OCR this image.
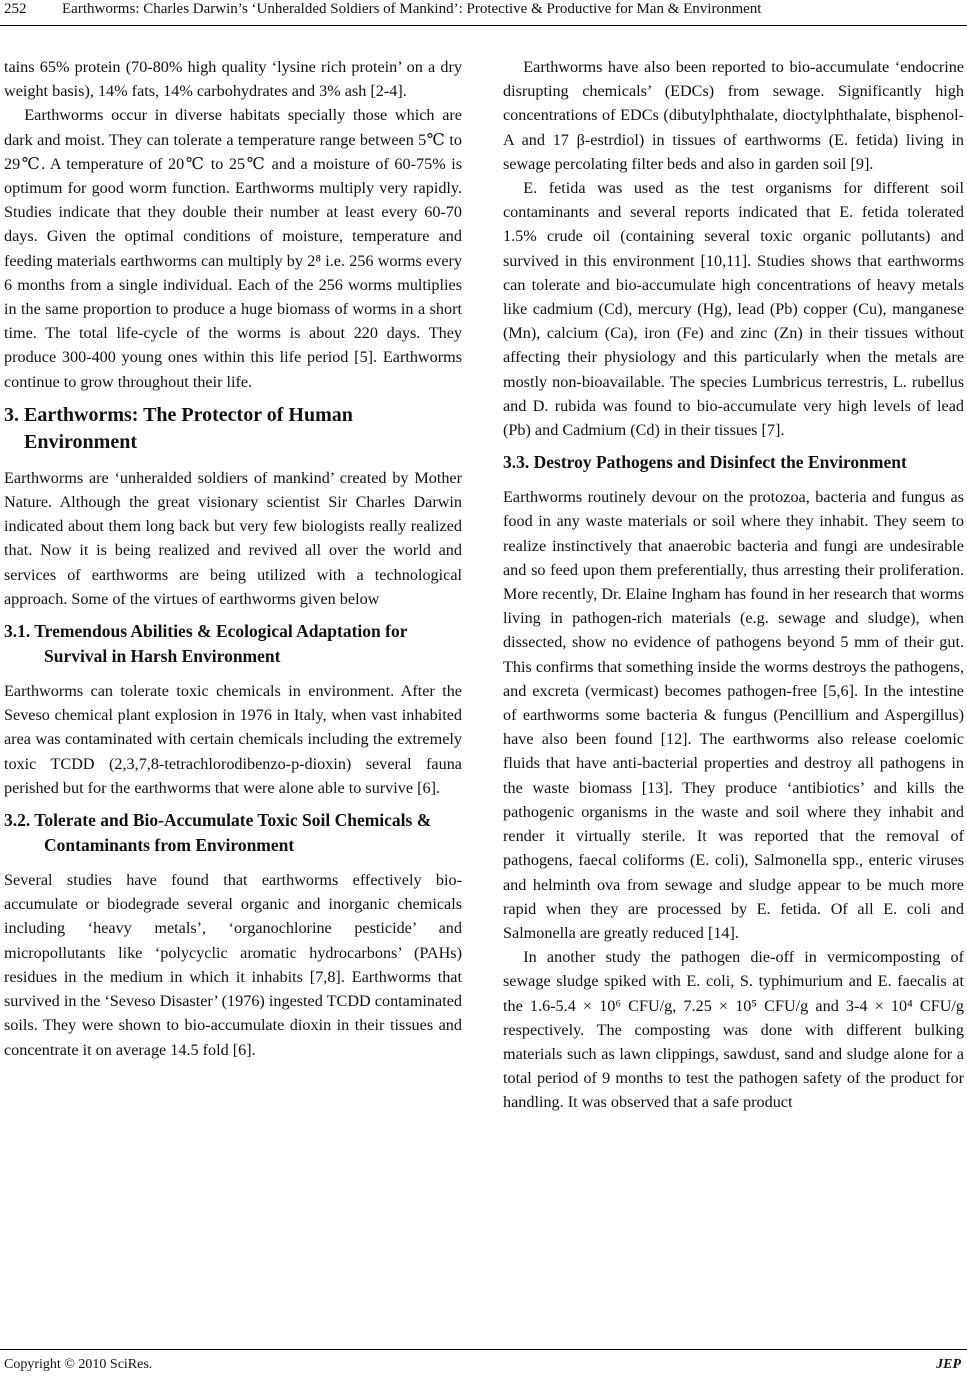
252 Earthworms: Charles Darwin’s ‘Unheralded Soldiers of Mankind’: Protective & Productive for Man & Environment

tains 65% protein (70-80% high quality ‘lysine rich protein’ on a dry weight basis), 14% fats, 14% carbohydrates and 3% ash [2-4].

Earthworms occur in diverse habitats specially those which are dark and moist. They can tolerate a temperature range between 5℃ to 29℃. A temperature of 20℃ to 25℃ and a moisture of 60-75% is optimum for good worm function. Earthworms multiply very rapidly. Studies indicate that they double their number at least every 60-70 days. Given the optimal conditions of moisture, temperature and feeding materials earthworms can multiply by 2⁸ i.e. 256 worms every 6 months from a single individual. Each of the 256 worms multiplies in the same proportion to produce a huge biomass of worms in a short time. The total life-cycle of the worms is about 220 days. They produce 300-400 young ones within this life period [5]. Earthworms continue to grow throughout their life.

3. Earthworms: The Protector of Human Environment

Earthworms are ‘unheralded soldiers of mankind’ created by Mother Nature. Although the great visionary scientist Sir Charles Darwin indicated about them long back but very few biologists really realized that. Now it is being realized and revived all over the world and services of earthworms are being utilized with a technological approach. Some of the virtues of earthworms given below

3.1. Tremendous Abilities & Ecological Adaptation for Survival in Harsh Environment

Earthworms can tolerate toxic chemicals in environment. After the Seveso chemical plant explosion in 1976 in Italy, when vast inhabited area was contaminated with certain chemicals including the extremely toxic TCDD (2,3,7,8-tetrachlorodibenzo-p-dioxin) several fauna perished but for the earthworms that were alone able to survive [6].

3.2. Tolerate and Bio-Accumulate Toxic Soil Chemicals & Contaminants from Environment

Several studies have found that earthworms effectively bio-accumulate or biodegrade several organic and inorganic chemicals including ‘heavy metals’, ‘organochlorine pesticide’ and micropollutants like ‘polycyclic aromatic hydrocarbons’ (PAHs) residues in the medium in which it inhabits [7,8]. Earthworms that survived in the ‘Seveso Disaster’ (1976) ingested TCDD contaminated soils. They were shown to bio-accumulate dioxin in their tissues and concentrate it on average 14.5 fold [6].

Earthworms have also been reported to bio-accumulate ‘endocrine disrupting chemicals’ (EDCs) from sewage. Significantly high concentrations of EDCs (dibutylphthalate, dioctylphthalate, bisphenol-A and 17 β-estrdiol) in tissues of earthworms (E. fetida) living in sewage percolating filter beds and also in garden soil [9].

E. fetida was used as the test organisms for different soil contaminants and several reports indicated that E. fetida tolerated 1.5% crude oil (containing several toxic organic pollutants) and survived in this environment [10,11]. Studies shows that earthworms can tolerate and bio-accumulate high concentrations of heavy metals like cadmium (Cd), mercury (Hg), lead (Pb) copper (Cu), manganese (Mn), calcium (Ca), iron (Fe) and zinc (Zn) in their tissues without affecting their physiology and this particularly when the metals are mostly non-bioavailable. The species Lumbricus terrestris, L. rubellus and D. rubida was found to bio-accumulate very high levels of lead (Pb) and Cadmium (Cd) in their tissues [7].

3.3. Destroy Pathogens and Disinfect the Environment

Earthworms routinely devour on the protozoa, bacteria and fungus as food in any waste materials or soil where they inhabit. They seem to realize instinctively that anaerobic bacteria and fungi are undesirable and so feed upon them preferentially, thus arresting their proliferation. More recently, Dr. Elaine Ingham has found in her research that worms living in pathogen-rich materials (e.g. sewage and sludge), when dissected, show no evidence of pathogens beyond 5 mm of their gut. This confirms that something inside the worms destroys the pathogens, and excreta (vermicast) becomes pathogen-free [5,6]. In the intestine of earthworms some bacteria & fungus (Pencillium and Aspergillus) have also been found [12]. The earthworms also release coelomic fluids that have anti-bacterial properties and destroy all pathogens in the waste biomass [13]. They produce ‘antibiotics’ and kills the pathogenic organisms in the waste and soil where they inhabit and render it virtually sterile. It was reported that the removal of pathogens, faecal coliforms (E. coli), Salmonella spp., enteric viruses and helminth ova from sewage and sludge appear to be much more rapid when they are processed by E. fetida. Of all E. coli and Salmonella are greatly reduced [14].

In another study the pathogen die-off in vermicomposting of sewage sludge spiked with E. coli, S. typhimurium and E. faecalis at the 1.6-5.4 × 10⁶ CFU/g, 7.25 × 10⁵ CFU/g and 3-4 × 10⁴ CFU/g respectively. The composting was done with different bulking materials such as lawn clippings, sawdust, sand and sludge alone for a total period of 9 months to test the pathogen safety of the product for handling. It was observed that a safe product

Copyright © 2010 SciRes.	JEP
